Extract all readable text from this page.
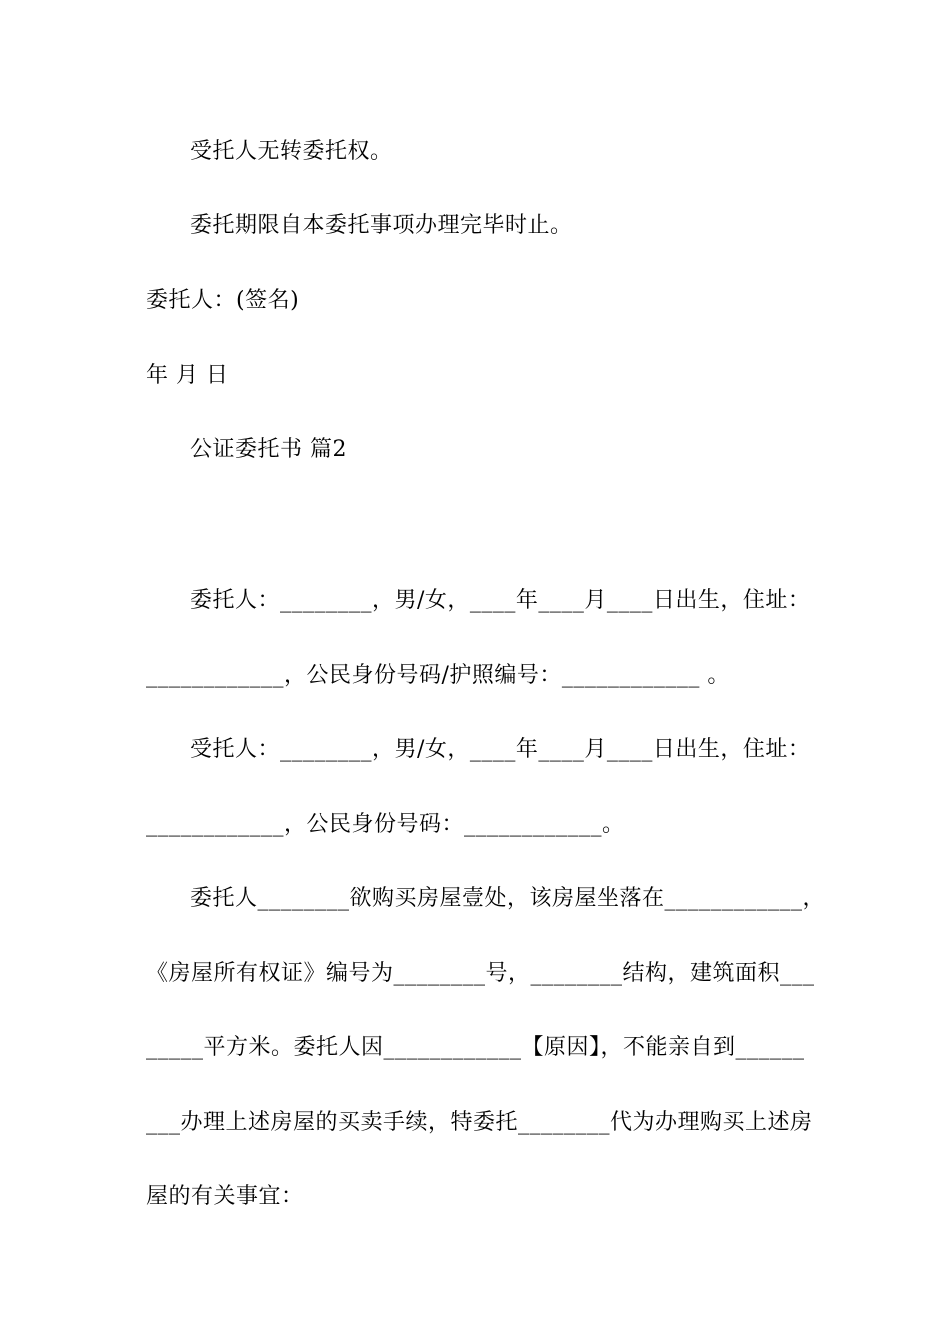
受托人无转委托权。
委托期限自本委托事项办理完毕时止。
委托人：(签名)
年 月 日
公证委托书 篇2
委托人：________，男/女，____年____月____日出生，住址：
____________，公民身份号码/护照编号：____________ 。
受托人：________，男/女，____年____月____日出生，住址：
____________，公民身份号码：____________。
委托人________欲购买房屋壹处，该房屋坐落在____________，
《房屋所有权证》编号为________号，________结构，建筑面积___
_____平方米。委托人因____________【原因】，不能亲自到______
___办理上述房屋的买卖手续，特委托________代为办理购买上述房
屋的有关事宜：
